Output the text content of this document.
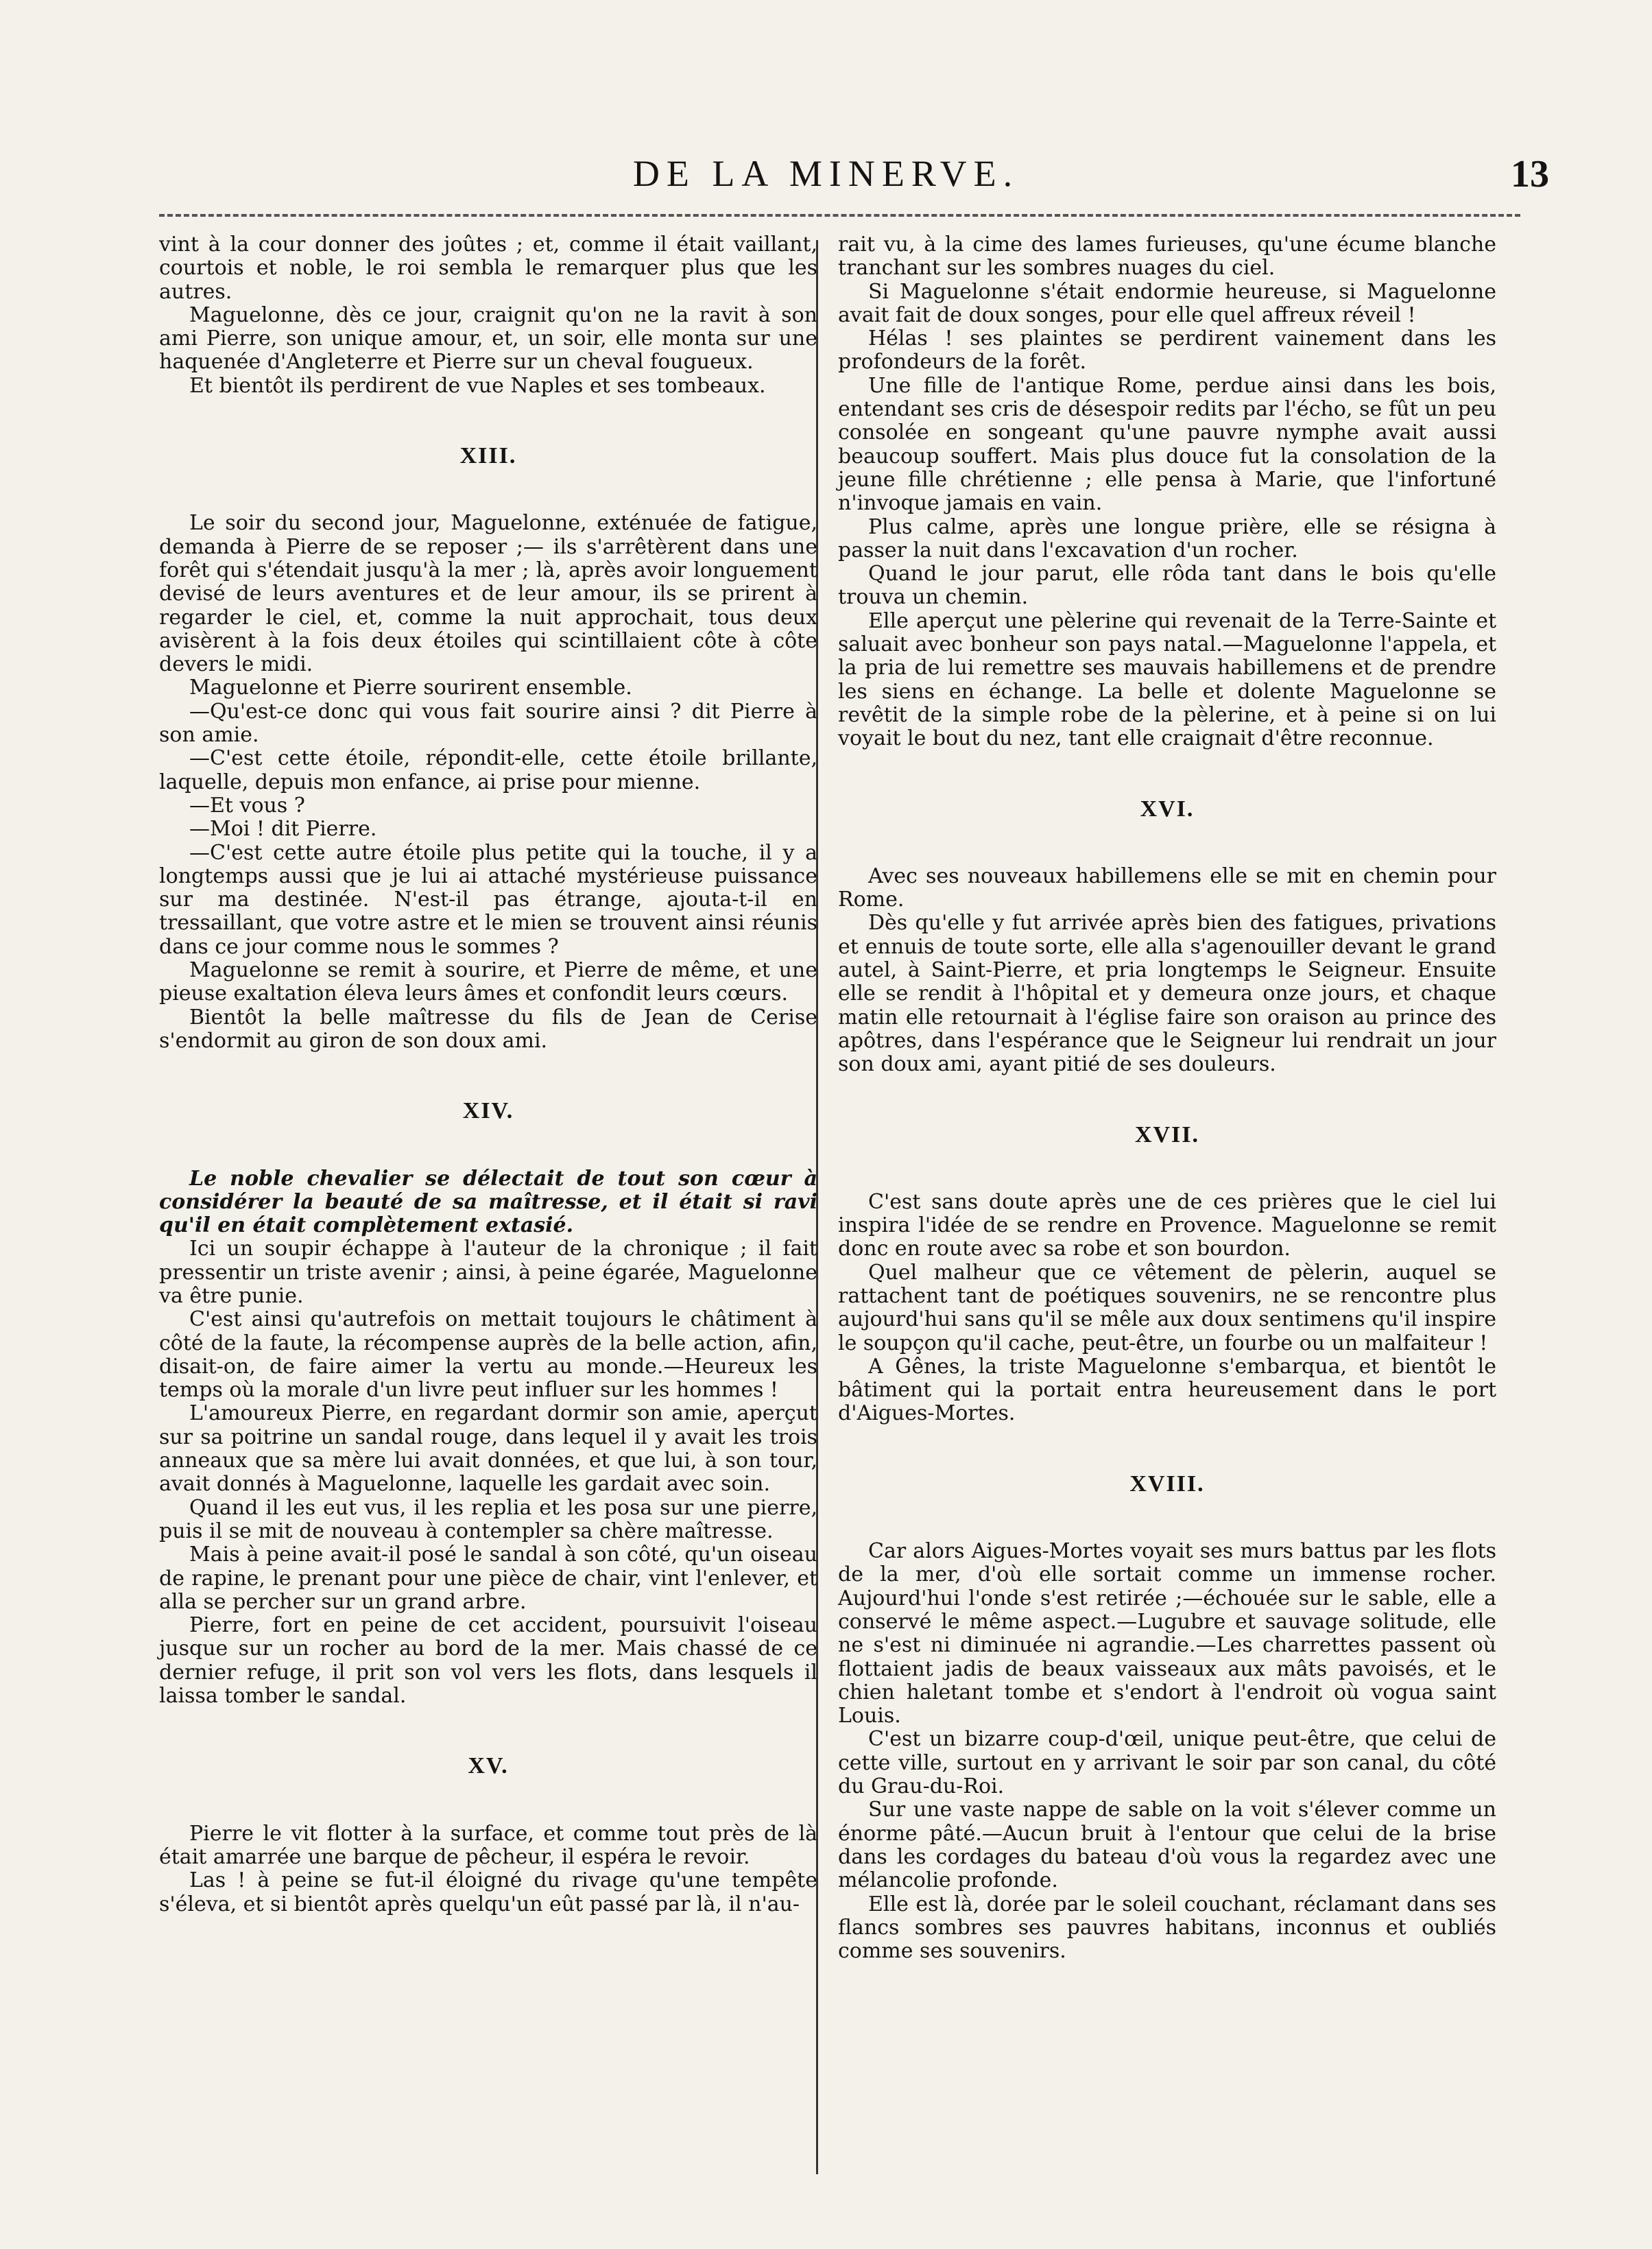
DE LA MINERVE.	13

vint à la cour donner des joûtes ; et, comme il était vaillant, courtois et noble, le roi sembla le remarquer plus que les autres.

Maguelonne, dès ce jour, craignit qu'on ne la ravit à son ami Pierre, son unique amour, et, un soir, elle monta sur une haquenée d'Angleterre et Pierre sur un cheval fougueux.

Et bientôt ils perdirent de vue Naples et ses tombeaux.

XIII.

Le soir du second jour, Maguelonne, exténuée de fatigue, demanda à Pierre de se reposer ;— ils s'arrêtèrent dans une forêt qui s'étendait jusqu'à la mer ; là, après avoir longuement devisé de leurs aventures et de leur amour, ils se prirent à regarder le ciel, et, comme la nuit approchait, tous deux avisèrent à la fois deux étoiles qui scintillaient côte à côte devers le midi.

Maguelonne et Pierre sourirent ensemble.

—Qu'est-ce donc qui vous fait sourire ainsi ? dit Pierre à son amie.

—C'est cette étoile, répondit-elle, cette étoile brillante, laquelle, depuis mon enfance, ai prise pour mienne.

—Et vous ?

—Moi ! dit Pierre.

—C'est cette autre étoile plus petite qui la touche, il y a longtemps aussi que je lui ai attaché mystérieuse puissance sur ma destinée. N'est-il pas étrange, ajouta-t-il en tressaillant, que votre astre et le mien se trouvent ainsi réunis dans ce jour comme nous le sommes ?

Maguelonne se remit à sourire, et Pierre de même, et une pieuse exaltation éleva leurs âmes et confondit leurs cœurs.

Bientôt la belle maîtresse du fils de Jean de Cerise s'endormit au giron de son doux ami.

XIV.

Le noble chevalier se délectait de tout son cœur à considérer la beauté de sa maîtresse, et il était si ravi qu'il en était complètement extasié.

Ici un soupir échappe à l'auteur de la chronique ; il fait pressentir un triste avenir ; ainsi, à peine égarée, Maguelonne va être punie.

C'est ainsi qu'autrefois on mettait toujours le châtiment à côté de la faute, la récompense auprès de la belle action, afin, disait-on, de faire aimer la vertu au monde.—Heureux les temps où la morale d'un livre peut influer sur les hommes !

L'amoureux Pierre, en regardant dormir son amie, aperçut sur sa poitrine un sandal rouge, dans lequel il y avait les trois anneaux que sa mère lui avait données, et que lui, à son tour, avait donnés à Maguelonne, laquelle les gardait avec soin.

Quand il les eut vus, il les replia et les posa sur une pierre, puis il se mit de nouveau à contempler sa chère maîtresse.

Mais à peine avait-il posé le sandal à son côté, qu'un oiseau de rapine, le prenant pour une pièce de chair, vint l'enlever, et alla se percher sur un grand arbre.

Pierre, fort en peine de cet accident, poursuivit l'oiseau jusque sur un rocher au bord de la mer. Mais chassé de ce dernier refuge, il prit son vol vers les flots, dans lesquels il laissa tomber le sandal.

XV.

Pierre le vit flotter à la surface, et comme tout près de là était amarrée une barque de pêcheur, il espéra le revoir.

Las ! à peine se fut-il éloigné du rivage qu'une tempête s'éleva, et si bientôt après quelqu'un eût passé par là, il n'au-

rait vu, à la cime des lames furieuses, qu'une écume blanche tranchant sur les sombres nuages du ciel.

Si Maguelonne s'était endormie heureuse, si Maguelonne avait fait de doux songes, pour elle quel affreux réveil !

Hélas ! ses plaintes se perdirent vainement dans les profondeurs de la forêt.

Une fille de l'antique Rome, perdue ainsi dans les bois, entendant ses cris de désespoir redits par l'écho, se fût un peu consolée en songeant qu'une pauvre nymphe avait aussi beaucoup souffert. Mais plus douce fut la consolation de la jeune fille chrétienne ; elle pensa à Marie, que l'infortuné n'invoque jamais en vain.

Plus calme, après une longue prière, elle se résigna à passer la nuit dans l'excavation d'un rocher.

Quand le jour parut, elle rôda tant dans le bois qu'elle trouva un chemin.

Elle aperçut une pèlerine qui revenait de la Terre-Sainte et saluait avec bonheur son pays natal.—Maguelonne l'appela, et la pria de lui remettre ses mauvais habillemens et de prendre les siens en échange. La belle et dolente Maguelonne se revêtit de la simple robe de la pèlerine, et à peine si on lui voyait le bout du nez, tant elle craignait d'être reconnue.

XVI.

Avec ses nouveaux habillemens elle se mit en chemin pour Rome.

Dès qu'elle y fut arrivée après bien des fatigues, privations et ennuis de toute sorte, elle alla s'agenouiller devant le grand autel, à Saint-Pierre, et pria longtemps le Seigneur. Ensuite elle se rendit à l'hôpital et y demeura onze jours, et chaque matin elle retournait à l'église faire son oraison au prince des apôtres, dans l'espérance que le Seigneur lui rendrait un jour son doux ami, ayant pitié de ses douleurs.

XVII.

C'est sans doute après une de ces prières que le ciel lui inspira l'idée de se rendre en Provence. Maguelonne se remit donc en route avec sa robe et son bourdon.

Quel malheur que ce vêtement de pèlerin, auquel se rattachent tant de poétiques souvenirs, ne se rencontre plus aujourd'hui sans qu'il se mêle aux doux sentimens qu'il inspire le soupçon qu'il cache, peut-être, un fourbe ou un malfaiteur !

A Gênes, la triste Maguelonne s'embarqua, et bientôt le bâtiment qui la portait entra heureusement dans le port d'Aigues-Mortes.

XVIII.

Car alors Aigues-Mortes voyait ses murs battus par les flots de la mer, d'où elle sortait comme un immense rocher. Aujourd'hui l'onde s'est retirée ;—échouée sur le sable, elle a conservé le même aspect.—Lugubre et sauvage solitude, elle ne s'est ni diminuée ni agrandie.—Les charrettes passent où flottaient jadis de beaux vaisseaux aux mâts pavoisés, et le chien haletant tombe et s'endort à l'endroit où vogua saint Louis.

C'est un bizarre coup-d'œil, unique peut-être, que celui de cette ville, surtout en y arrivant le soir par son canal, du côté du Grau-du-Roi.

Sur une vaste nappe de sable on la voit s'élever comme un énorme pâté.—Aucun bruit à l'entour que celui de la brise dans les cordages du bateau d'où vous la regardez avec une mélancolie profonde.

Elle est là, dorée par le soleil couchant, réclamant dans ses flancs sombres ses pauvres habitans, inconnus et oubliés comme ses souvenirs.
